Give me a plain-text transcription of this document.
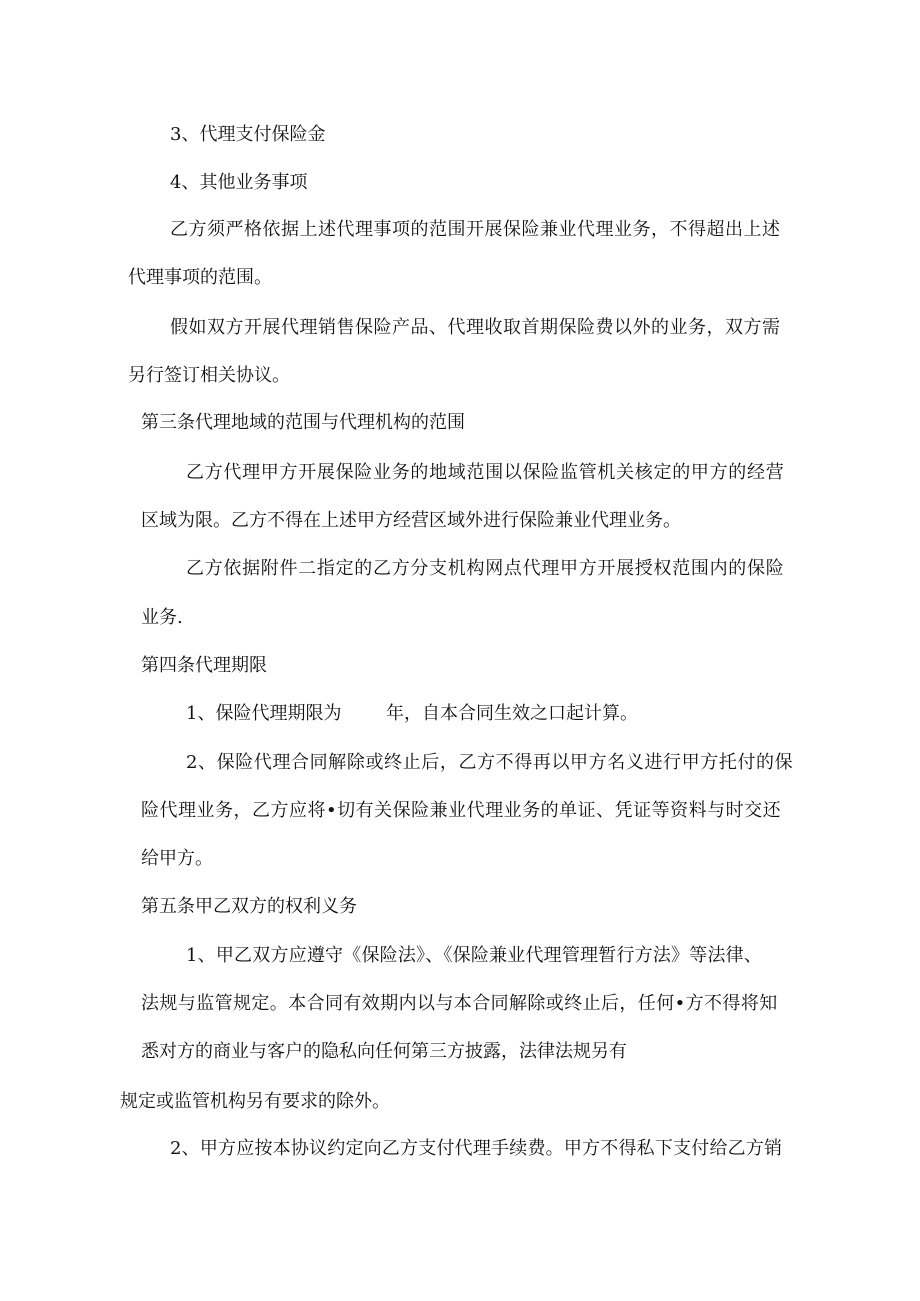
3、代理支付保险金

4、其他业务事项

乙方须严格依据上述代理事项的范围开展保险兼业代理业务，不得超出上述

代理事项的范围。

假如双方开展代理销售保险产品、代理收取首期保险费以外的业务，双方需

另行签订相关协议。

第三条代理地域的范围与代理机构的范围

乙方代理甲方开展保险业务的地域范围以保险监管机关核定的甲方的经营

区域为限。乙方不得在上述甲方经营区域外进行保险兼业代理业务。

乙方依据附件二指定的乙方分支机构网点代理甲方开展授权范围内的保险

业务.

第四条代理期限

1、保险代理期限为 年，自本合同生效之口起计算。

2、保险代理合同解除或终止后，乙方不得再以甲方名义进行甲方托付的保

险代理业务，乙方应将•切有关保险兼业代理业务的单证、凭证等资料与时交还

给甲方。

第五条甲乙双方的权利义务

1、甲乙双方应遵守《保险法》、《保险兼业代理管理暂行方法》等法律、

法规与监管规定。本合同有效期内以与本合同解除或终止后，任何•方不得将知

悉对方的商业与客户的隐私向任何第三方披露，法律法规另有

规定或监管机构另有要求的除外。

2、甲方应按本协议约定向乙方支付代理手续费。甲方不得私下支付给乙方销
